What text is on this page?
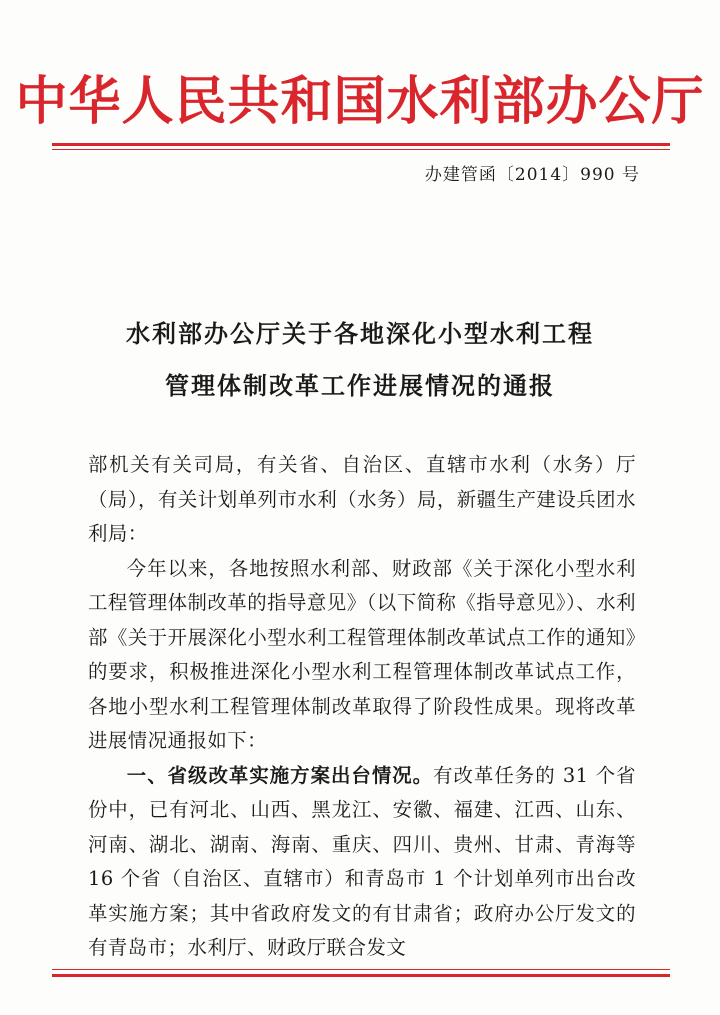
中华人民共和国水利部办公厅
办建管函〔2014〕990 号
水利部办公厅关于各地深化小型水利工程
管理体制改革工作进展情况的通报

部机关有关司局，有关省、自治区、直辖市水利（水务）厅（局），有关计划单列市水利（水务）局，新疆生产建设兵团水利局：

今年以来，各地按照水利部、财政部《关于深化小型水利工程管理体制改革的指导意见》（以下简称《指导意见》）、水利部《关于开展深化小型水利工程管理体制改革试点工作的通知》的要求，积极推进深化小型水利工程管理体制改革试点工作，各地小型水利工程管理体制改革取得了阶段性成果。现将改革进展情况通报如下：

一、省级改革实施方案出台情况。有改革任务的 31 个省份中，已有河北、山西、黑龙江、安徽、福建、江西、山东、河南、湖北、湖南、海南、重庆、四川、贵州、甘肃、青海等 16 个省（自治区、直辖市）和青岛市 1 个计划单列市出台改革实施方案；其中省政府发文的有甘肃省；政府办公厅发文的有青岛市；水利厅、财政厅联合发文
